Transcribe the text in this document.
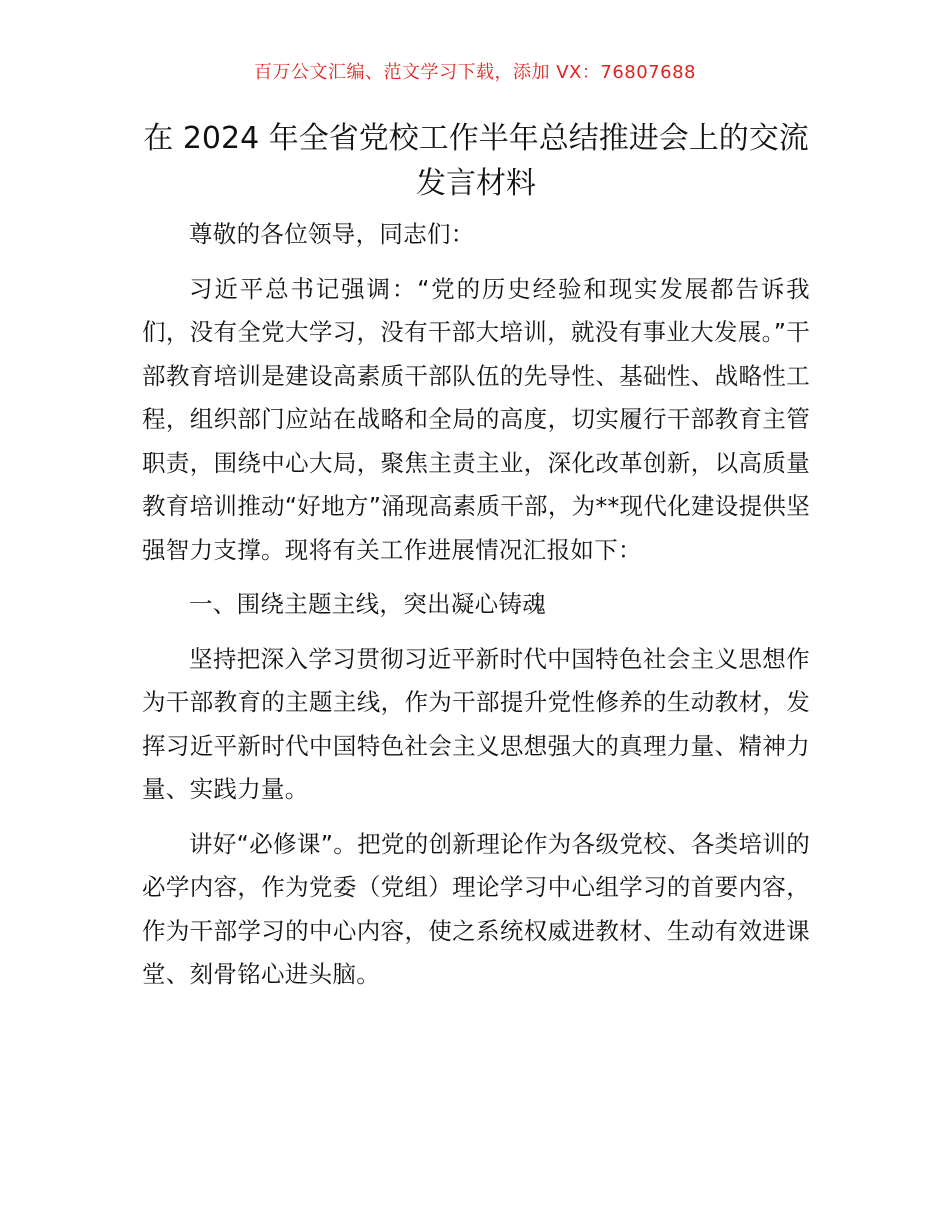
百万公文汇编、范文学习下载，添加 VX：76807688
在 2024 年全省党校工作半年总结推进会上的交流发言材料

尊敬的各位领导，同志们：

习近平总书记强调：“党的历史经验和现实发展都告诉我们，没有全党大学习，没有干部大培训，就没有事业大发展。”干部教育培训是建设高素质干部队伍的先导性、基础性、战略性工程，组织部门应站在战略和全局的高度，切实履行干部教育主管职责，围绕中心大局，聚焦主责主业，深化改革创新，以高质量教育培训推动“好地方”涌现高素质干部，为**现代化建设提供坚强智力支撑。现将有关工作进展情况汇报如下：

一、围绕主题主线，突出凝心铸魂

坚持把深入学习贯彻习近平新时代中国特色社会主义思想作为干部教育的主题主线，作为干部提升党性修养的生动教材，发挥习近平新时代中国特色社会主义思想强大的真理力量、精神力量、实践力量。

讲好“必修课”。把党的创新理论作为各级党校、各类培训的必学内容，作为党委（党组）理论学习中心组学习的首要内容，作为干部学习的中心内容，使之系统权威进教材、生动有效进课堂、刻骨铭心进头脑。
